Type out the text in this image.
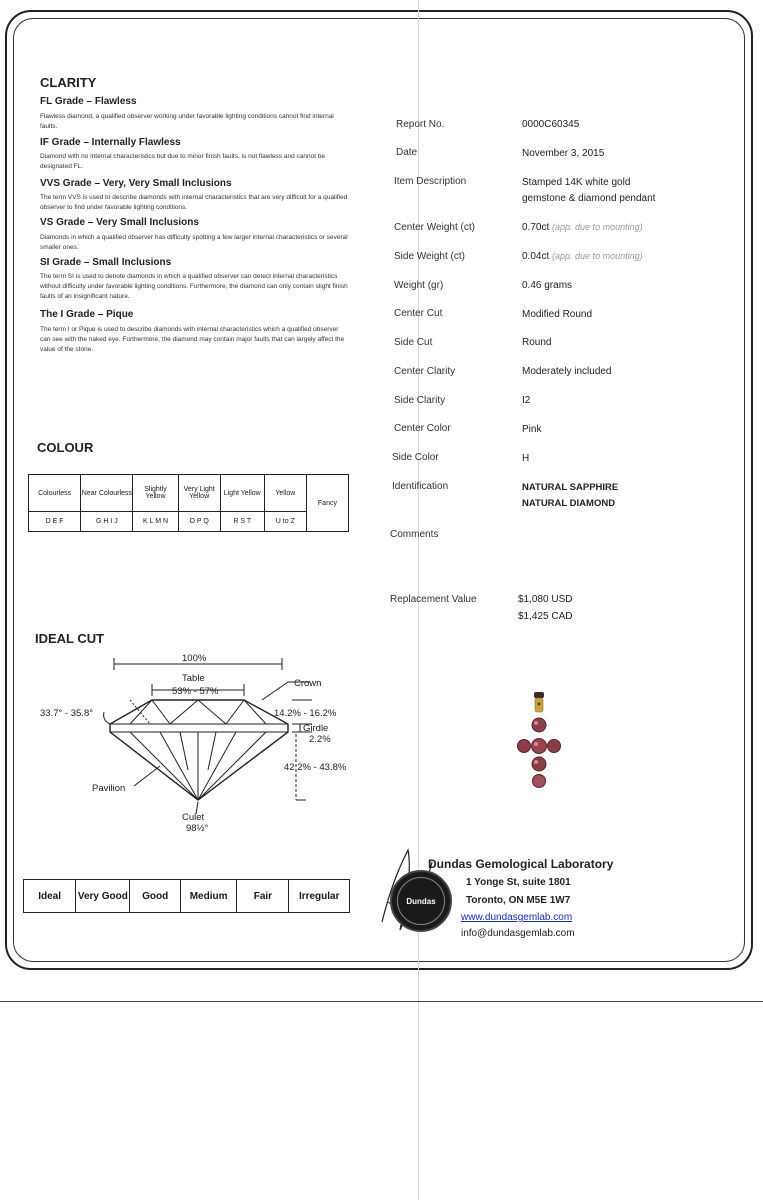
CLARITY
FL Grade – Flawless
Flawless diamond, a qualified observer working under favorable lighting conditions cannot find internal faults.
IF Grade – Internally Flawless
Diamond with no internal characteristics but due to minor finish faults, is not flawless and cannot be designated FL.
VVS Grade – Very, Very Small Inclusions
The term VVS is used to describe diamonds with internal characteristics that are very difficult for a qualified observer to find under favorable lighting conditions.
VS Grade – Very Small Inclusions
Diamonds in which a qualified observer has difficulty spotting a few larger internal characteristics or several smaller ones.
SI Grade – Small Inclusions
The term SI is used to denote diamonds in which a qualified observer can detect internal characteristics without difficulty under favorable lighting conditions. Furthermore, the diamond can only contain slight finish faults of an insignificant nature.
The I Grade – Pique
The term I or Pique is used to describe diamonds with internal characteristics which a qualified observer can see with the naked eye. Furthermore, the diamond may contain major faults that can largely affect the value of the stone.
COLOUR
Colourless	Near Colourless	Slightly Yellow	Very Light Yellow	Light Yellow	Yellow	Fancy
D E F	G H I J	K L M N	O P Q	R S T	U to Z	
IDEAL CUT
100%
Table
53% - 57%
Crown
33.7° - 35.8°	14.2% - 16.2%
Girdle
2.2%
42.2% - 43.8%
Pavilion
Culet
98½°
Ideal	Very Good	Good	Medium	Fair	Irregular
Report No.	0000C60345
Date	November 3, 2015
Item Description	Stamped 14K white gold
gemstone & diamond pendant
Center Weight (ct)	0.70ct (app. due to mounting)
Side Weight (ct)	0.04ct (app. due to mounting)
Weight (gr)	0.46 grams
Center Cut	Modified Round
Side Cut	Round
Center Clarity	Moderately included
Side Clarity	I2
Center Color	Pink
Side Color	H
Identification	NATURAL SAPPHIRE
NATURAL DIAMOND
Comments
Replacement Value	$1,080 USD
$1,425 CAD
Dundas
Dundas Gemological Laboratory
1 Yonge St, suite 1801
Toronto, ON M5E 1W7
www.dundasgemlab.com
info@dundasgemlab.com
